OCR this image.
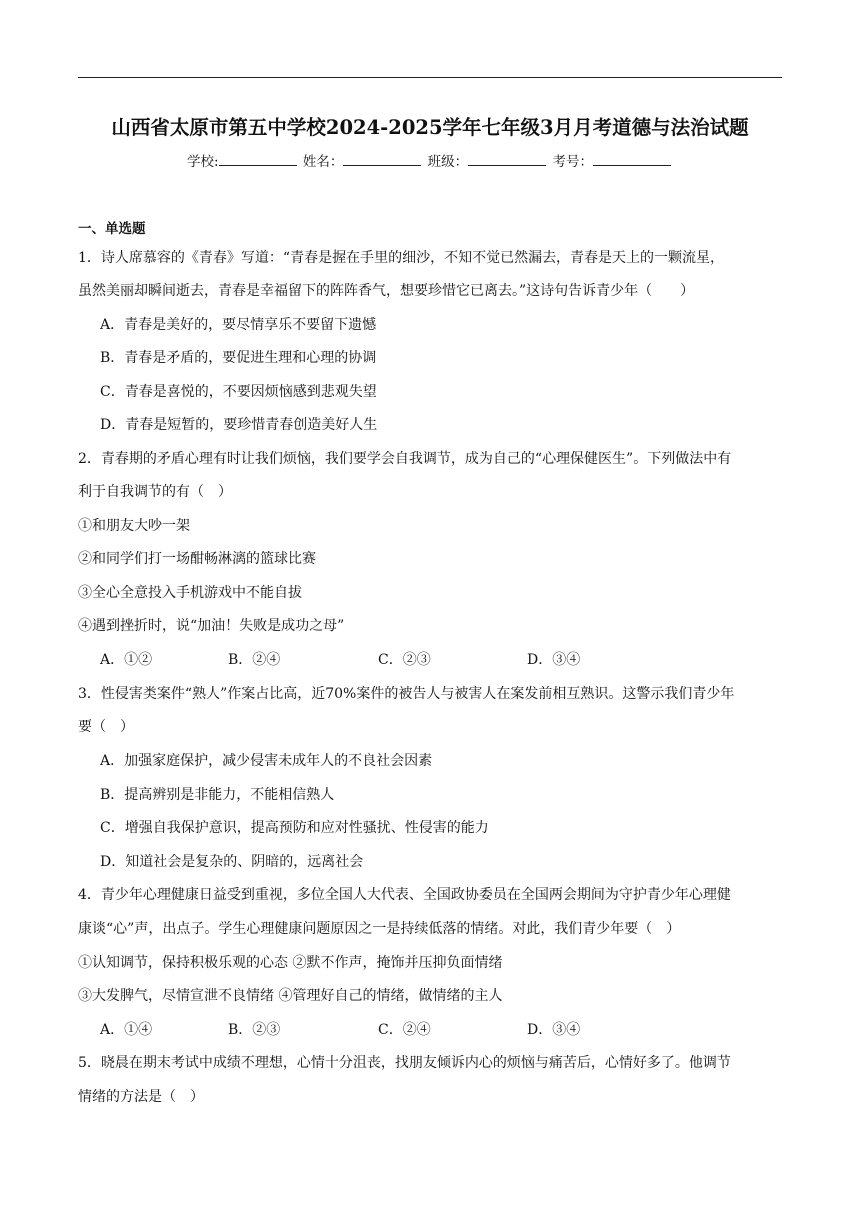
山西省太原市第五中学校2024-2025学年七年级3月月考道德与法治试题
学校:	姓名：	班级：	考号：
一、单选题
1．诗人席慕容的《青春》写道：“青春是握在手里的细沙，不知不觉已然漏去，青春是天上的一颗流星，
虽然美丽却瞬间逝去，青春是幸福留下的阵阵香气，想要珍惜它已离去。”这诗句告诉青少年（　　）
A．青春是美好的，要尽情享乐不要留下遗憾
B．青春是矛盾的，要促进生理和心理的协调
C．青春是喜悦的，不要因烦恼感到悲观失望
D．青春是短暂的，要珍惜青春创造美好人生
2．青春期的矛盾心理有时让我们烦恼，我们要学会自我调节，成为自己的“心理保健医生”。下列做法中有
利于自我调节的有（　）
①和朋友大吵一架
②和同学们打一场酣畅淋漓的篮球比赛
③全心全意投入手机游戏中不能自拔
④遇到挫折时，说“加油！失败是成功之母”
A．①②	B．②④	C．②③	D．③④
3．性侵害类案件“熟人”作案占比高，近70%案件的被告人与被害人在案发前相互熟识。这警示我们青少年
要（　）
A．加强家庭保护，减少侵害未成年人的不良社会因素
B．提高辨别是非能力，不能相信熟人
C．增强自我保护意识，提高预防和应对性骚扰、性侵害的能力
D．知道社会是复杂的、阴暗的，远离社会
4．青少年心理健康日益受到重视，多位全国人大代表、全国政协委员在全国两会期间为守护青少年心理健
康谈“心”声，出点子。学生心理健康问题原因之一是持续低落的情绪。对此，我们青少年要（　）
①认知调节，保持积极乐观的心态 ②默不作声，掩饰并压抑负面情绪
③大发脾气，尽情宣泄不良情绪 ④管理好自己的情绪，做情绪的主人
A．①④	B．②③	C．②④	D．③④
5．晓晨在期末考试中成绩不理想，心情十分沮丧，找朋友倾诉内心的烦恼与痛苦后，心情好多了。他调节
情绪的方法是（　）
